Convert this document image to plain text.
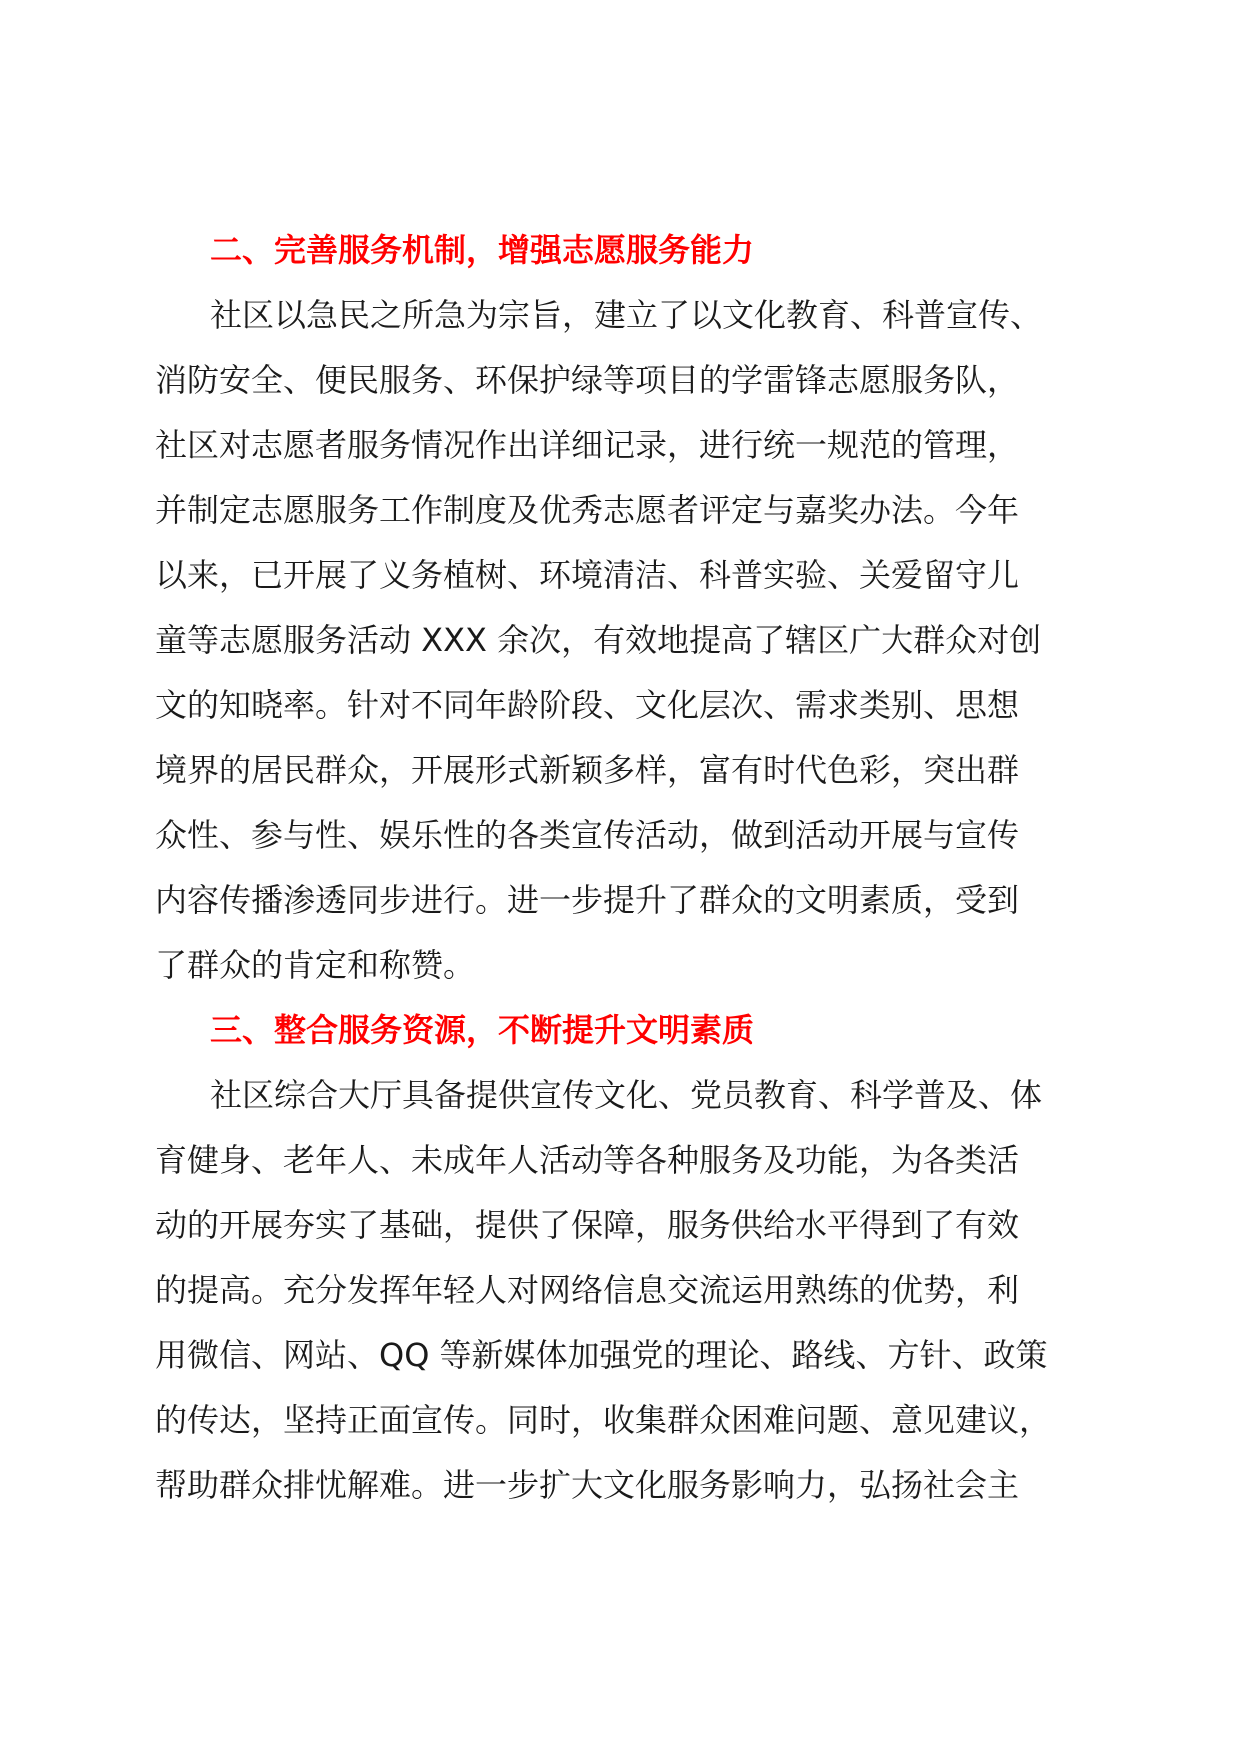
二、完善服务机制，增强志愿服务能力

社区以急民之所急为宗旨，建立了以文化教育、科普宣传、

消防安全、便民服务、环保护绿等项目的学雷锋志愿服务队，

社区对志愿者服务情况作出详细记录，进行统一规范的管理，

并制定志愿服务工作制度及优秀志愿者评定与嘉奖办法。今年

以来，已开展了义务植树、环境清洁、科普实验、关爱留守儿

童等志愿服务活动 XXX 余次，有效地提高了辖区广大群众对创

文的知晓率。针对不同年龄阶段、文化层次、需求类别、思想

境界的居民群众，开展形式新颖多样，富有时代色彩，突出群

众性、参与性、娱乐性的各类宣传活动，做到活动开展与宣传

内容传播渗透同步进行。进一步提升了群众的文明素质，受到

了群众的肯定和称赞。

三、整合服务资源，不断提升文明素质

社区综合大厅具备提供宣传文化、党员教育、科学普及、体

育健身、老年人、未成年人活动等各种服务及功能，为各类活

动的开展夯实了基础，提供了保障，服务供给水平得到了有效

的提高。充分发挥年轻人对网络信息交流运用熟练的优势，利

用微信、网站、QQ 等新媒体加强党的理论、路线、方针、政策

的传达，坚持正面宣传。同时，收集群众困难问题、意见建议，

帮助群众排忧解难。进一步扩大文化服务影响力，弘扬社会主
